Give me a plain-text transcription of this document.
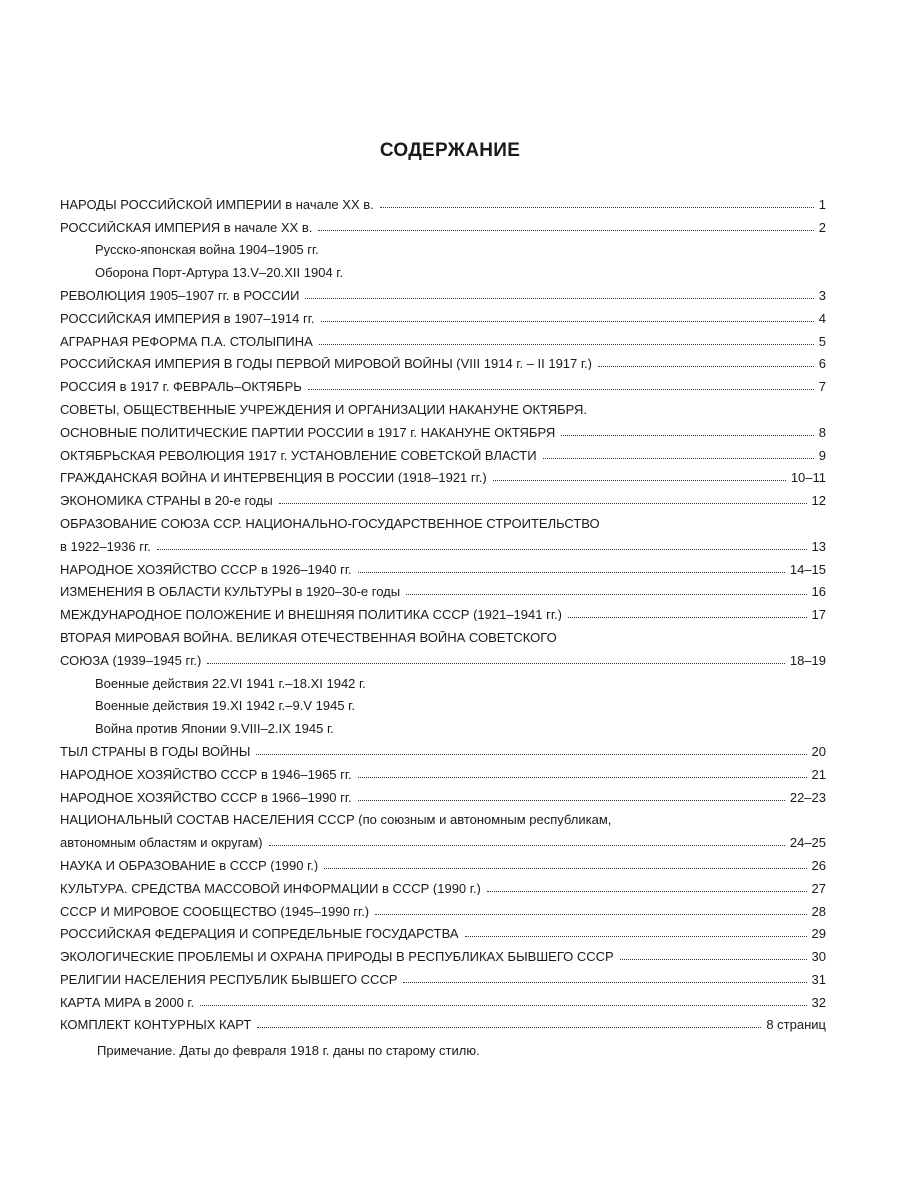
СОДЕРЖАНИЕ
НАРОДЫ РОССИЙСКОЙ ИМПЕРИИ в начале XX в.	1
РОССИЙСКАЯ ИМПЕРИЯ в начале XX в.	2
Русско-японская война 1904–1905 гг.
Оборона Порт-Артура 13.V–20.XII 1904 г.
РЕВОЛЮЦИЯ 1905–1907 гг. в РОССИИ	3
РОССИЙСКАЯ ИМПЕРИЯ в 1907–1914 гг.	4
АГРАРНАЯ РЕФОРМА П.А. СТОЛЫПИНА	5
РОССИЙСКАЯ ИМПЕРИЯ В ГОДЫ ПЕРВОЙ МИРОВОЙ ВОЙНЫ (VIII 1914 г. – II 1917 г.)	6
РОССИЯ в 1917 г. ФЕВРАЛЬ–ОКТЯБРЬ	7
СОВЕТЫ, ОБЩЕСТВЕННЫЕ УЧРЕЖДЕНИЯ И ОРГАНИЗАЦИИ НАКАНУНЕ ОКТЯБРЯ.
ОСНОВНЫЕ ПОЛИТИЧЕСКИЕ ПАРТИИ РОССИИ в 1917 г. НАКАНУНЕ ОКТЯБРЯ	8
ОКТЯБРЬСКАЯ РЕВОЛЮЦИЯ 1917 г. УСТАНОВЛЕНИЕ СОВЕТСКОЙ ВЛАСТИ	9
ГРАЖДАНСКАЯ ВОЙНА И ИНТЕРВЕНЦИЯ В РОССИИ (1918–1921 гг.)	10–11
ЭКОНОМИКА СТРАНЫ в 20-е годы	12
ОБРАЗОВАНИЕ СОЮЗА ССР. НАЦИОНАЛЬНО-ГОСУДАРСТВЕННОЕ СТРОИТЕЛЬСТВО
в 1922–1936 гг.	13
НАРОДНОЕ ХОЗЯЙСТВО СССР в 1926–1940 гг.	14–15
ИЗМЕНЕНИЯ В ОБЛАСТИ КУЛЬТУРЫ в 1920–30-е годы	16
МЕЖДУНАРОДНОЕ ПОЛОЖЕНИЕ И ВНЕШНЯЯ ПОЛИТИКА СССР (1921–1941 гг.)	17
ВТОРАЯ МИРОВАЯ ВОЙНА. ВЕЛИКАЯ ОТЕЧЕСТВЕННАЯ ВОЙНА СОВЕТСКОГО
СОЮЗА (1939–1945 гг.)	18–19
Военные действия 22.VI 1941 г.–18.XI 1942 г.
Военные действия 19.XI 1942 г.–9.V 1945 г.
Война против Японии 9.VIII–2.IX 1945 г.
ТЫЛ СТРАНЫ В ГОДЫ ВОЙНЫ	20
НАРОДНОЕ ХОЗЯЙСТВО СССР в 1946–1965 гг.	21
НАРОДНОЕ ХОЗЯЙСТВО СССР в 1966–1990 гг.	22–23
НАЦИОНАЛЬНЫЙ СОСТАВ НАСЕЛЕНИЯ СССР (по союзным и автономным республикам,
автономным областям и округам)	24–25
НАУКА И ОБРАЗОВАНИЕ в СССР (1990 г.)	26
КУЛЬТУРА. СРЕДСТВА МАССОВОЙ ИНФОРМАЦИИ в СССР (1990 г.)	27
СССР И МИРОВОЕ СООБЩЕСТВО (1945–1990 гг.)	28
РОССИЙСКАЯ ФЕДЕРАЦИЯ И СОПРЕДЕЛЬНЫЕ ГОСУДАРСТВА	29
ЭКОЛОГИЧЕСКИЕ ПРОБЛЕМЫ И ОХРАНА ПРИРОДЫ В РЕСПУБЛИКАХ БЫВШЕГО СССР	30
РЕЛИГИИ НАСЕЛЕНИЯ РЕСПУБЛИК БЫВШЕГО СССР	31
КАРТА МИРА в 2000 г.	32
КОМПЛЕКТ КОНТУРНЫХ КАРТ	8 страниц
Примечание. Даты до февраля 1918 г. даны по старому стилю.
